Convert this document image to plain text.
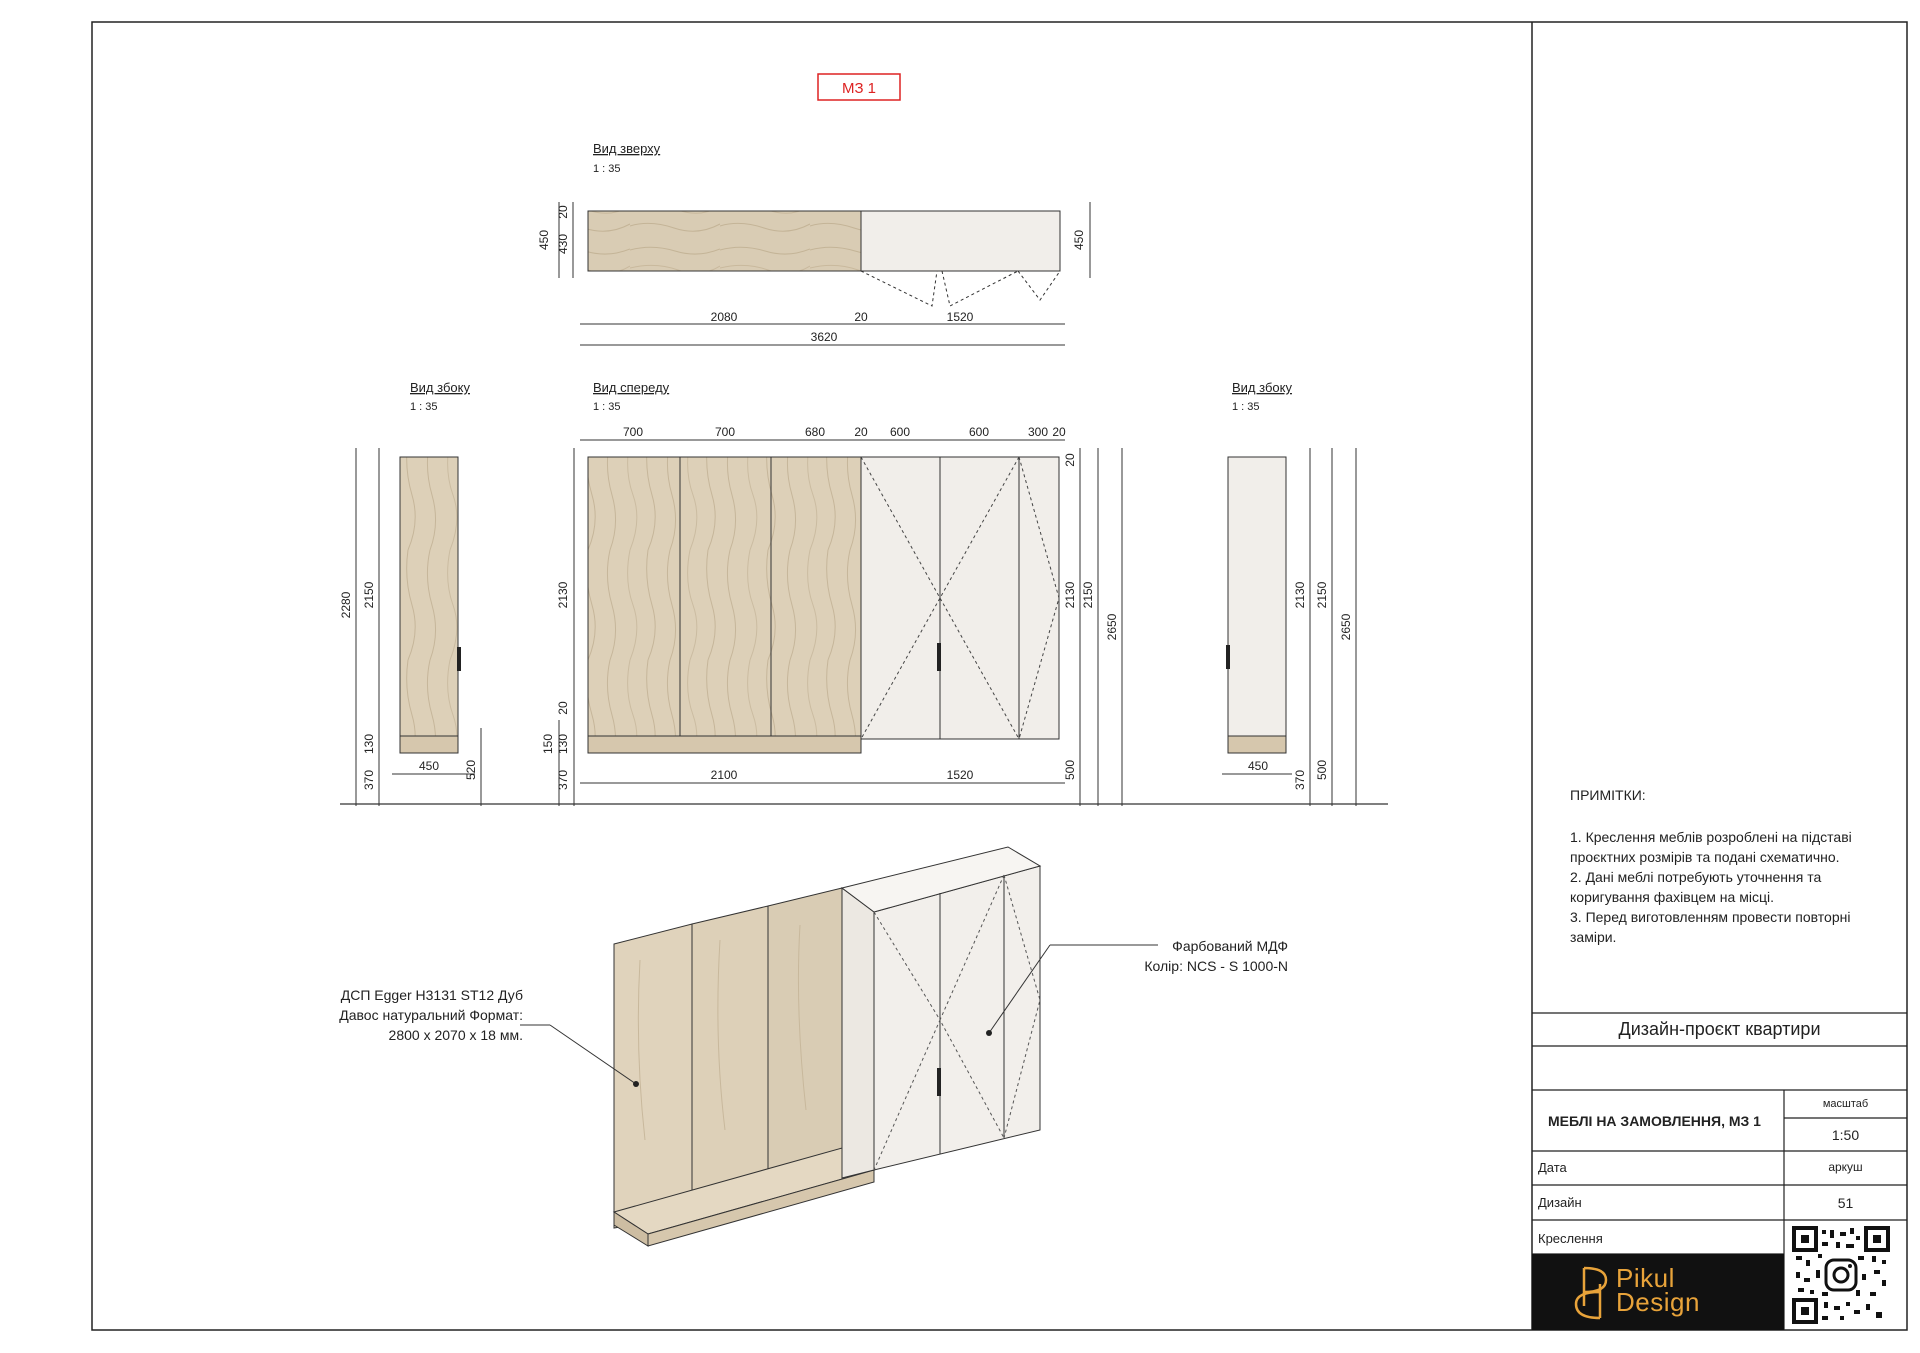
МЗ 1
Вид зверху
1 : 35
Вид спереду
1 : 35
Вид збоку
1 : 35
Вид збоку
1 : 35
2080	20	1520
3620
450 430
20
450
700	700	680 20 600	600	300 20
2100	1520
2130
20
150 130
370
20
2130 2150
2650
500
2280 2150
130
370
450 520
2130 2150
2650
370 500
450
ДСП Egger H3131 ST12 Дуб
Давос натуральний Формат:
2800 х 2070 х 18 мм.
Фарбований МДФ
Колір: NCS - S 1000-N
ПРИМІТКИ:
1. Креслення меблів розроблені на підставі проєктних розмірів та подані схематично.
2. Дані меблі потребують уточнення та коригування фахівцем на місці.
3. Перед виготовленням провести повторні заміри.
Дизайн-проєкт квартири
МЕБЛІ НА ЗАМОВЛЕННЯ, МЗ 1
масштаб
1:50
аркуш
51
Дата
Дизайн
Креслення
Pikul
Design
